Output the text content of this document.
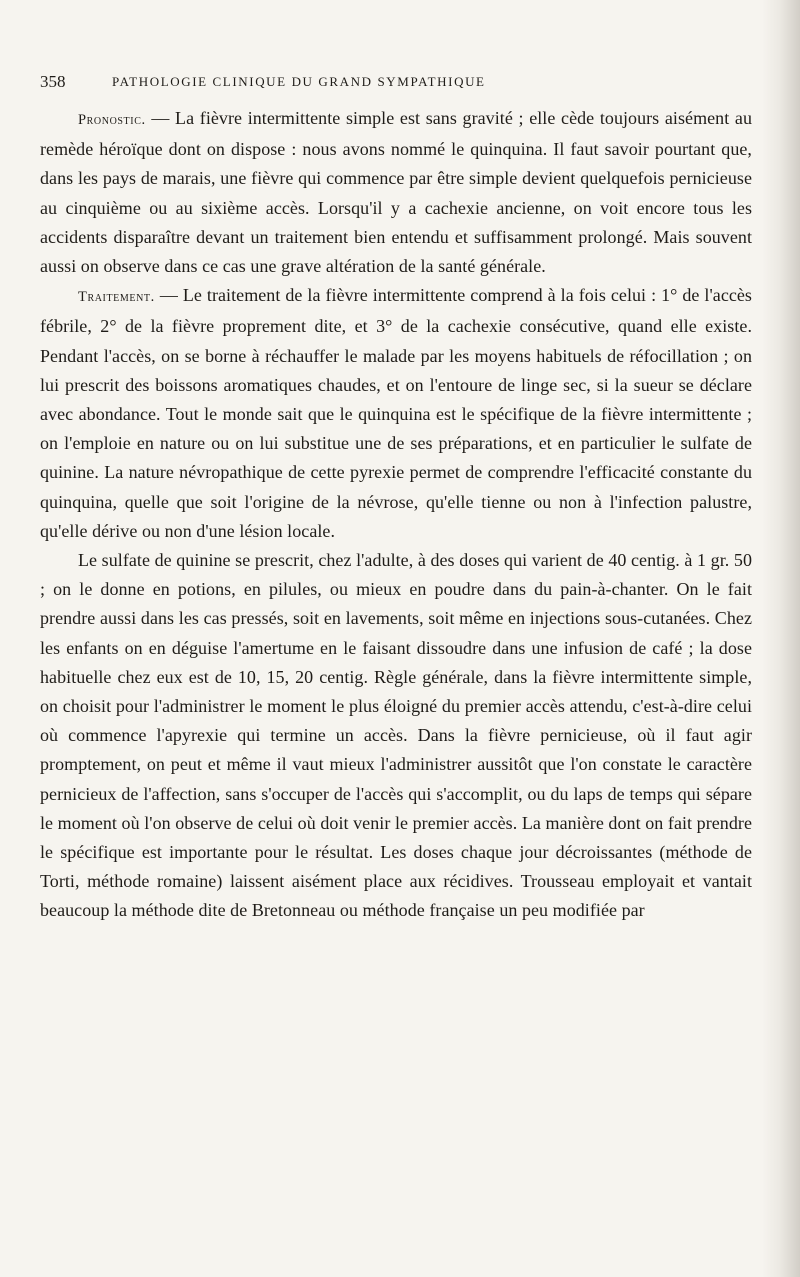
358	PATHOLOGIE CLINIQUE DU GRAND SYMPATHIQUE

Pronostic. — La fièvre intermittente simple est sans gravité ; elle cède toujours aisément au remède héroïque dont on dispose : nous avons nommé le quinquina. Il faut savoir pourtant que, dans les pays de marais, une fièvre qui commence par être simple devient quelquefois pernicieuse au cinquième ou au sixième accès. Lorsqu'il y a cachexie ancienne, on voit encore tous les accidents disparaître devant un traitement bien entendu et suffisamment prolongé. Mais souvent aussi on observe dans ce cas une grave altération de la santé générale.

Traitement. — Le traitement de la fièvre intermittente comprend à la fois celui : 1° de l'accès fébrile, 2° de la fièvre proprement dite, et 3° de la cachexie consécutive, quand elle existe. Pendant l'accès, on se borne à réchauffer le malade par les moyens habituels de réfocillation ; on lui prescrit des boissons aromatiques chaudes, et on l'entoure de linge sec, si la sueur se déclare avec abondance. Tout le monde sait que le quinquina est le spécifique de la fièvre intermittente ; on l'emploie en nature ou on lui substitue une de ses préparations, et en particulier le sulfate de quinine. La nature névropathique de cette pyrexie permet de comprendre l'efficacité constante du quinquina, quelle que soit l'origine de la névrose, qu'elle tienne ou non à l'infection palustre, qu'elle dérive ou non d'une lésion locale.

Le sulfate de quinine se prescrit, chez l'adulte, à des doses qui varient de 40 centig. à 1 gr. 50 ; on le donne en potions, en pilules, ou mieux en poudre dans du pain-à-chanter. On le fait prendre aussi dans les cas pressés, soit en lavements, soit même en injections sous-cutanées. Chez les enfants on en déguise l'amertume en le faisant dissoudre dans une infusion de café ; la dose habituelle chez eux est de 10, 15, 20 centig. Règle générale, dans la fièvre intermittente simple, on choisit pour l'administrer le moment le plus éloigné du premier accès attendu, c'est-à-dire celui où commence l'apyrexie qui termine un accès. Dans la fièvre pernicieuse, où il faut agir promptement, on peut et même il vaut mieux l'administrer aussitôt que l'on constate le caractère pernicieux de l'affection, sans s'occuper de l'accès qui s'accomplit, ou du laps de temps qui sépare le moment où l'on observe de celui où doit venir le premier accès. La manière dont on fait prendre le spécifique est importante pour le résultat. Les doses chaque jour décroissantes (méthode de Torti, méthode romaine) laissent aisément place aux récidives. Trousseau employait et vantait beaucoup la méthode dite de Bretonneau ou méthode française un peu modifiée par
